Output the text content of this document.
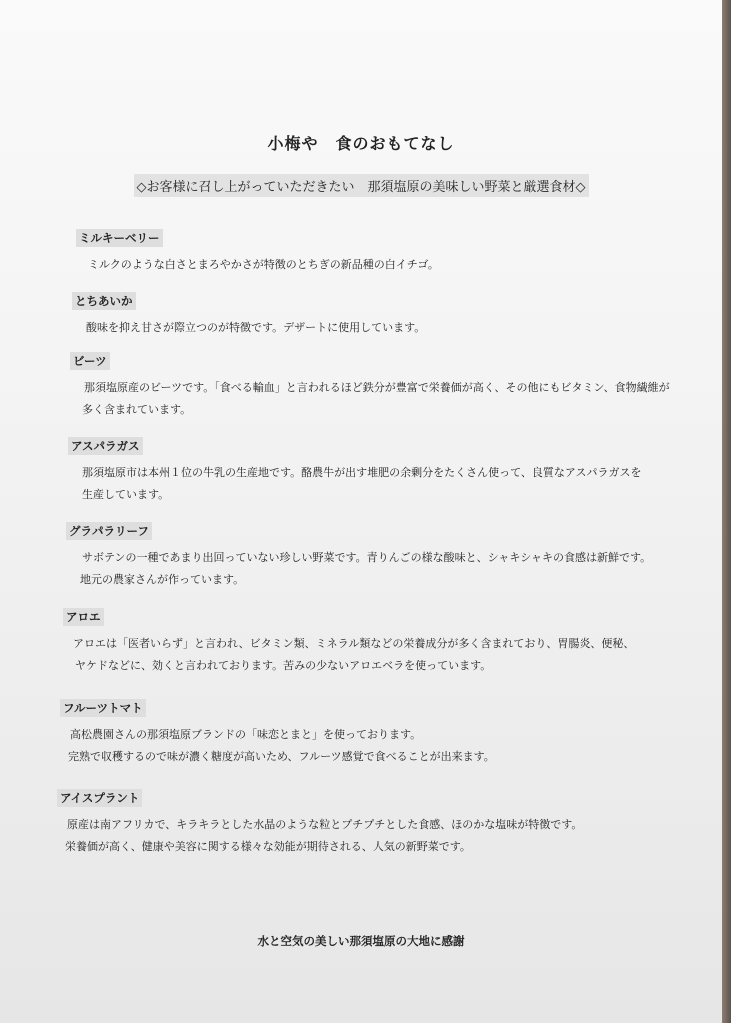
小梅や　食のおもてなし
◇お客様に召し上がっていただきたい　那須塩原の美味しい野菜と厳選食材◇
ミルキーベリー
ミルクのような白さとまろやかさが特徴のとちぎの新品種の白イチゴ。
とちあいか
酸味を抑え甘さが際立つのが特徴です。デザートに使用しています。
ビーツ
那須塩原産のビーツです。「食べる輸血」と言われるほど鉄分が豊富で栄養価が高く、その他にもビタミン、食物繊維が
多く含まれています。
アスパラガス
那須塩原市は本州１位の牛乳の生産地です。酪農牛が出す堆肥の余剰分をたくさん使って、良質なアスパラガスを
生産しています。
グラパラリーフ
サボテンの一種であまり出回っていない珍しい野菜です。青りんごの様な酸味と、シャキシャキの食感は新鮮です。
地元の農家さんが作っています。
アロエ
アロエは「医者いらず」と言われ、ビタミン類、ミネラル類などの栄養成分が多く含まれており、胃腸炎、便秘、
ヤケドなどに、効くと言われております。苦みの少ないアロエベラを使っています。
フルーツトマト
高松農園さんの那須塩原ブランドの「味恋とまと」を使っております。
完熟で収穫するので味が濃く糖度が高いため、フルーツ感覚で食べることが出来ます。
アイスプラント
原産は南アフリカで、キラキラとした水晶のような粒とプチプチとした食感、ほのかな塩味が特徴です。
栄養価が高く、健康や美容に関する様々な効能が期待される、人気の新野菜です。
水と空気の美しい那須塩原の大地に感謝
